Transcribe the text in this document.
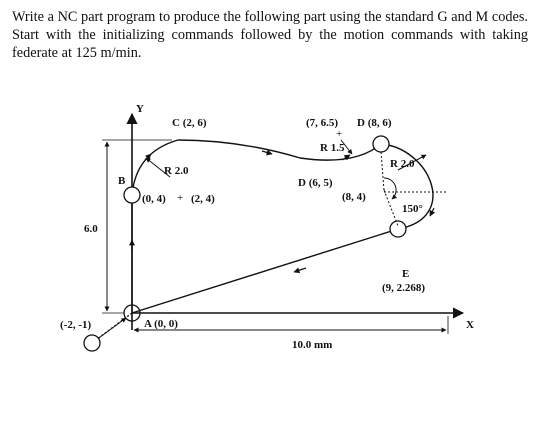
Write a NC part program to produce the following part using the standard G and M codes. Start with the initializing commands followed by the motion commands with taking federate at 125 m/min.
Y
X
+
+
6.0
10.0 mm
(-2, -1)	A (0, 0)
B
(0, 4) (2, 4)
C (2, 6)	(7, 6.5) D (8, 6)
D (6, 5)
(8, 4)
E
(9, 2.268)
R 2.0
R 1.5
R 2.0
150°
